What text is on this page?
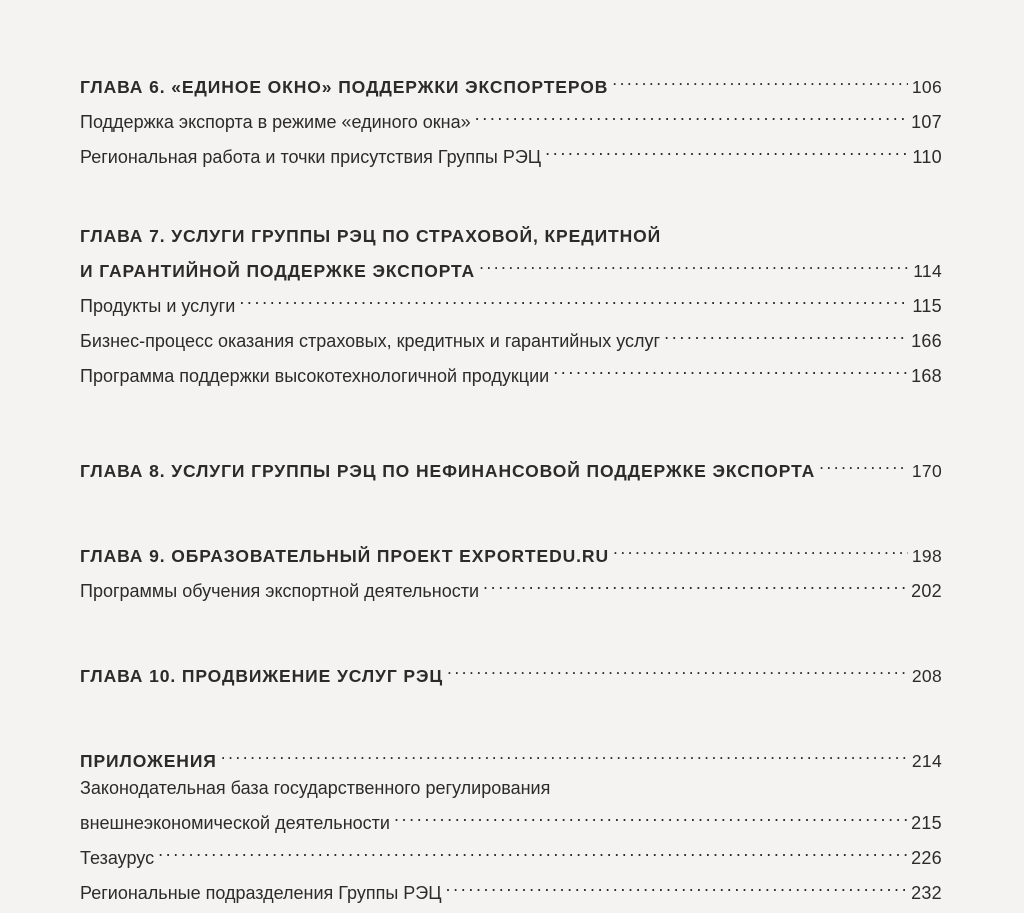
ГЛАВА 6. «ЕДИНОЕ ОКНО» ПОДДЕРЖКИ ЭКСПОРТЕРОВ . . .	106
Поддержка экспорта в режиме «единого окна» . . .	107
Региональная работа и точки присутствия Группы РЭЦ . . .	110
ГЛАВА 7. УСЛУГИ ГРУППЫ РЭЦ ПО СТРАХОВОЙ, КРЕДИТНОЙ
И ГАРАНТИЙНОЙ ПОДДЕРЖКЕ ЭКСПОРТА . . .	114
Продукты и услуги . . .	115
Бизнес-процесс оказания страховых, кредитных и гарантийных услуг . . .	166
Программа поддержки высокотехнологичной продукции . . .	168
ГЛАВА 8. УСЛУГИ ГРУППЫ РЭЦ ПО НЕФИНАНСОВОЙ ПОДДЕРЖКЕ ЭКСПОРТА . . .	170
ГЛАВА 9. ОБРАЗОВАТЕЛЬНЫЙ ПРОЕКТ EXPORTEDU.RU . . .	198
Программы обучения экспортной деятельности . . .	202
ГЛАВА 10. ПРОДВИЖЕНИЕ УСЛУГ РЭЦ . . .	208
ПРИЛОЖЕНИЯ . . .	214
Законодательная база государственного регулирования
внешнеэкономической деятельности . . .	215
Тезаурус . . .	226
Региональные подразделения Группы РЭЦ . . .	232
